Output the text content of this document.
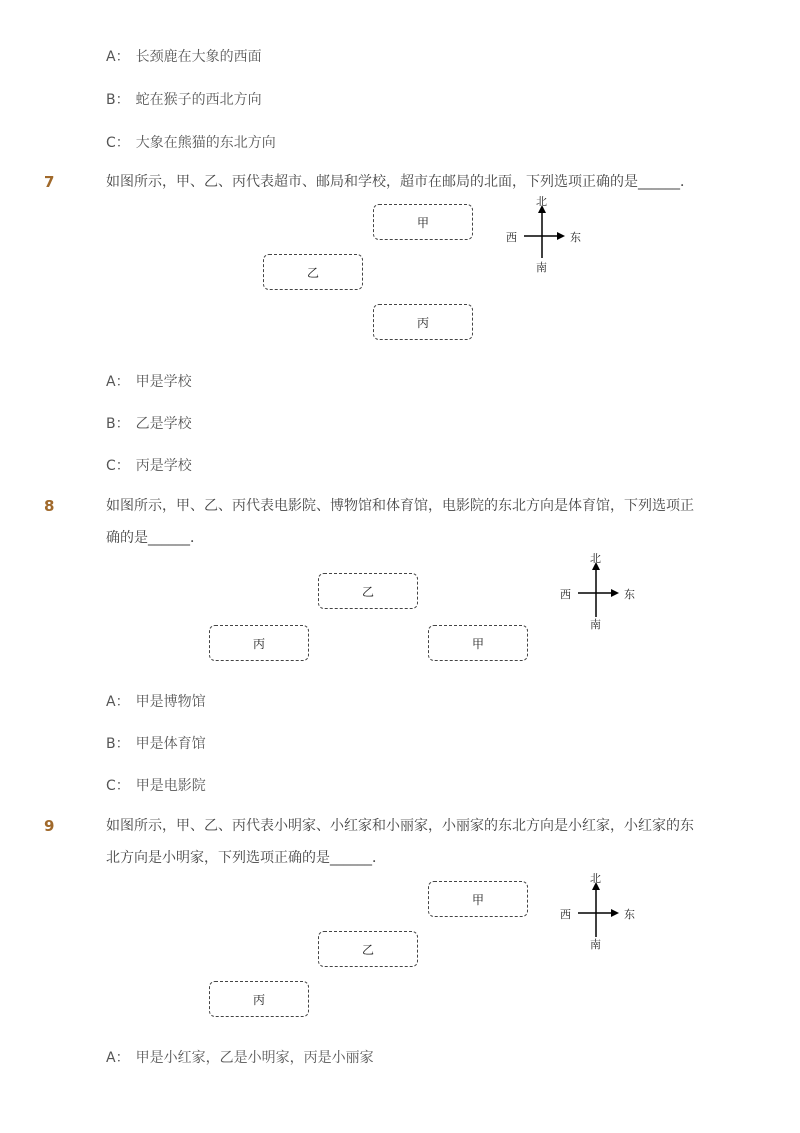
A： 长颈鹿在大象的西面
B： 蛇在猴子的西北方向
C： 大象在熊猫的东北方向
7	如图所示，甲、乙、丙代表超市、邮局和学校，超市在邮局的北面，下列选项正确的是______．
甲
乙
丙
北
南
东
西
A： 甲是学校
B： 乙是学校
C： 丙是学校
8	如图所示，甲、乙、丙代表电影院、博物馆和体育馆，电影院的东北方向是体育馆，下列选项正
确的是______．
乙
丙	甲
北
南
东
西
A： 甲是博物馆
B： 甲是体育馆
C： 甲是电影院
9	如图所示，甲、乙、丙代表小明家、小红家和小丽家，小丽家的东北方向是小红家，小红家的东
北方向是小明家，下列选项正确的是______．
甲
乙
丙
北
南
东
西
A： 甲是小红家，乙是小明家，丙是小丽家
